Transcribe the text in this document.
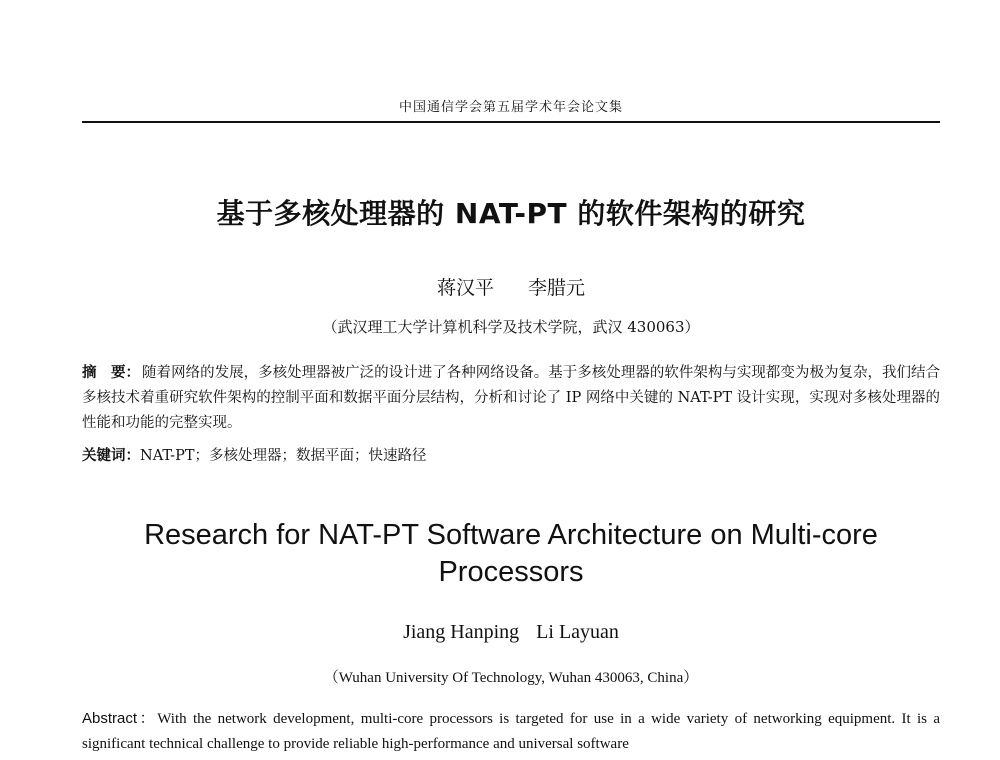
中国通信学会第五届学术年会论文集
基于多核处理器的 NAT-PT 的软件架构的研究
蒋汉平 李腊元
（武汉理工大学计算机科学及技术学院，武汉 430063）
摘　要： 随着网络的发展，多核处理器被广泛的设计进了各种网络设备。基于多核处理器的软件架构与实现都变为极为复杂，我们结合多核技术着重研究软件架构的控制平面和数据平面分层结构，分析和讨论了 IP 网络中关键的 NAT-PT 设计实现，实现对多核处理器的性能和功能的完整实现。
关键词：NAT-PT；多核处理器；数据平面；快速路径
Research for NAT-PT Software Architecture on Multi-core Processors
Jiang Hanping Li Layuan
（Wuhan University Of Technology, Wuhan 430063, China）
Abstract：With the network development, multi-core processors is targeted for use in a wide variety of networking equipment. It is a significant technical challenge to provide reliable high-performance and universal software
